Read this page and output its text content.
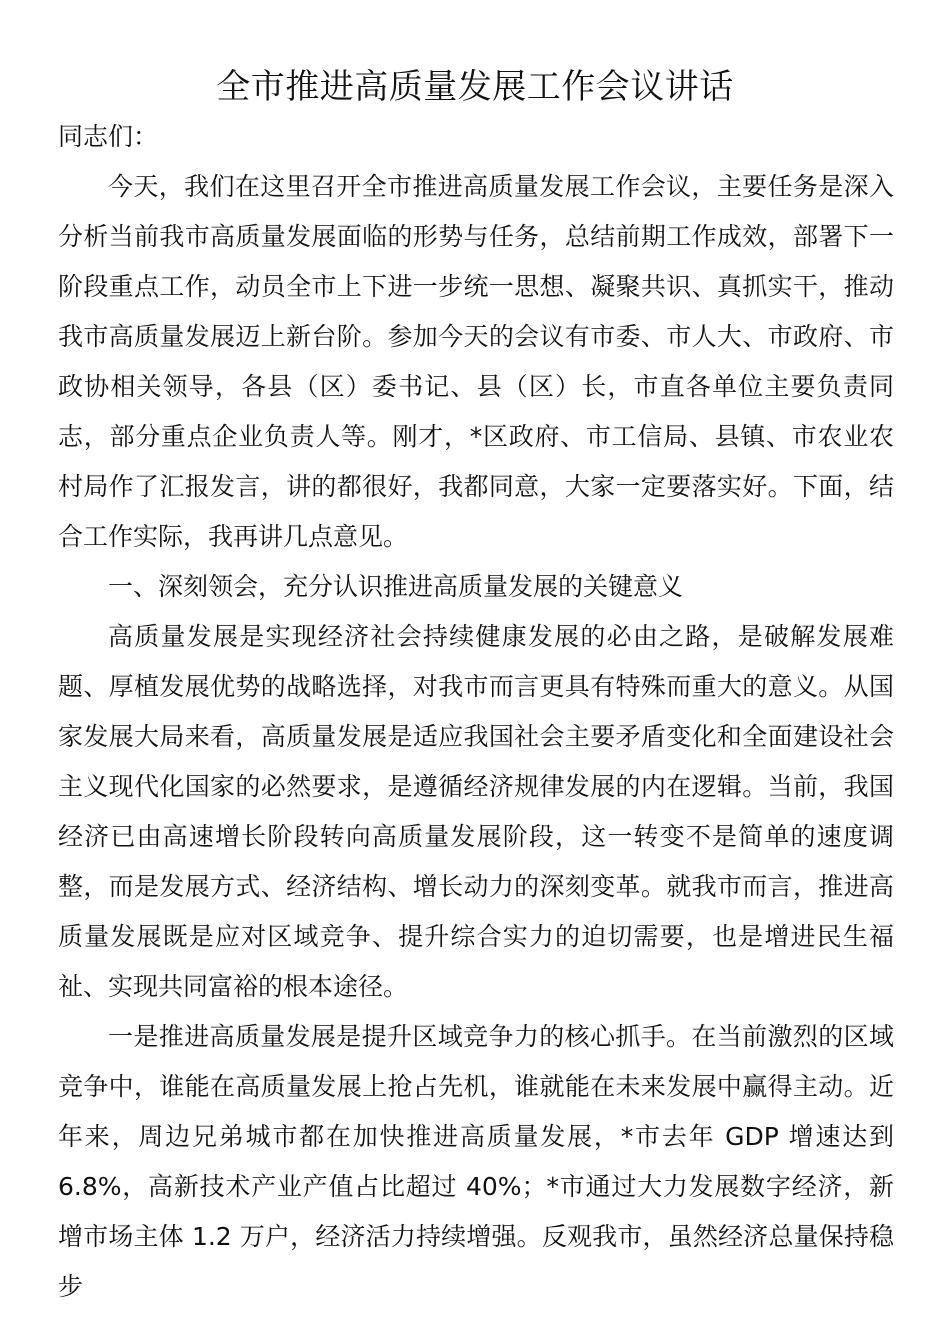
全市推进高质量发展工作会议讲话

同志们：

今天，我们在这里召开全市推进高质量发展工作会议，主要任务是深入分析当前我市高质量发展面临的形势与任务，总结前期工作成效，部署下一阶段重点工作，动员全市上下进一步统一思想、凝聚共识、真抓实干，推动我市高质量发展迈上新台阶。参加今天的会议有市委、市人大、市政府、市政协相关领导，各县（区）委书记、县（区）长，市直各单位主要负责同志，部分重点企业负责人等。刚才，*区政府、市工信局、县镇、市农业农村局作了汇报发言，讲的都很好，我都同意，大家一定要落实好。下面，结合工作实际，我再讲几点意见。

一、深刻领会，充分认识推进高质量发展的关键意义

高质量发展是实现经济社会持续健康发展的必由之路，是破解发展难题、厚植发展优势的战略选择，对我市而言更具有特殊而重大的意义。从国家发展大局来看，高质量发展是适应我国社会主要矛盾变化和全面建设社会主义现代化国家的必然要求，是遵循经济规律发展的内在逻辑。当前，我国经济已由高速增长阶段转向高质量发展阶段，这一转变不是简单的速度调整，而是发展方式、经济结构、增长动力的深刻变革。就我市而言，推进高质量发展既是应对区域竞争、提升综合实力的迫切需要，也是增进民生福祉、实现共同富裕的根本途径。

一是推进高质量发展是提升区域竞争力的核心抓手。在当前激烈的区域竞争中，谁能在高质量发展上抢占先机，谁就能在未来发展中赢得主动。近年来，周边兄弟城市都在加快推进高质量发展，*市去年 GDP 增速达到 6.8%，高新技术产业产值占比超过 40%；*市通过大力发展数字经济，新增市场主体 1.2 万户，经济活力持续增强。反观我市，虽然经济总量保持稳步
